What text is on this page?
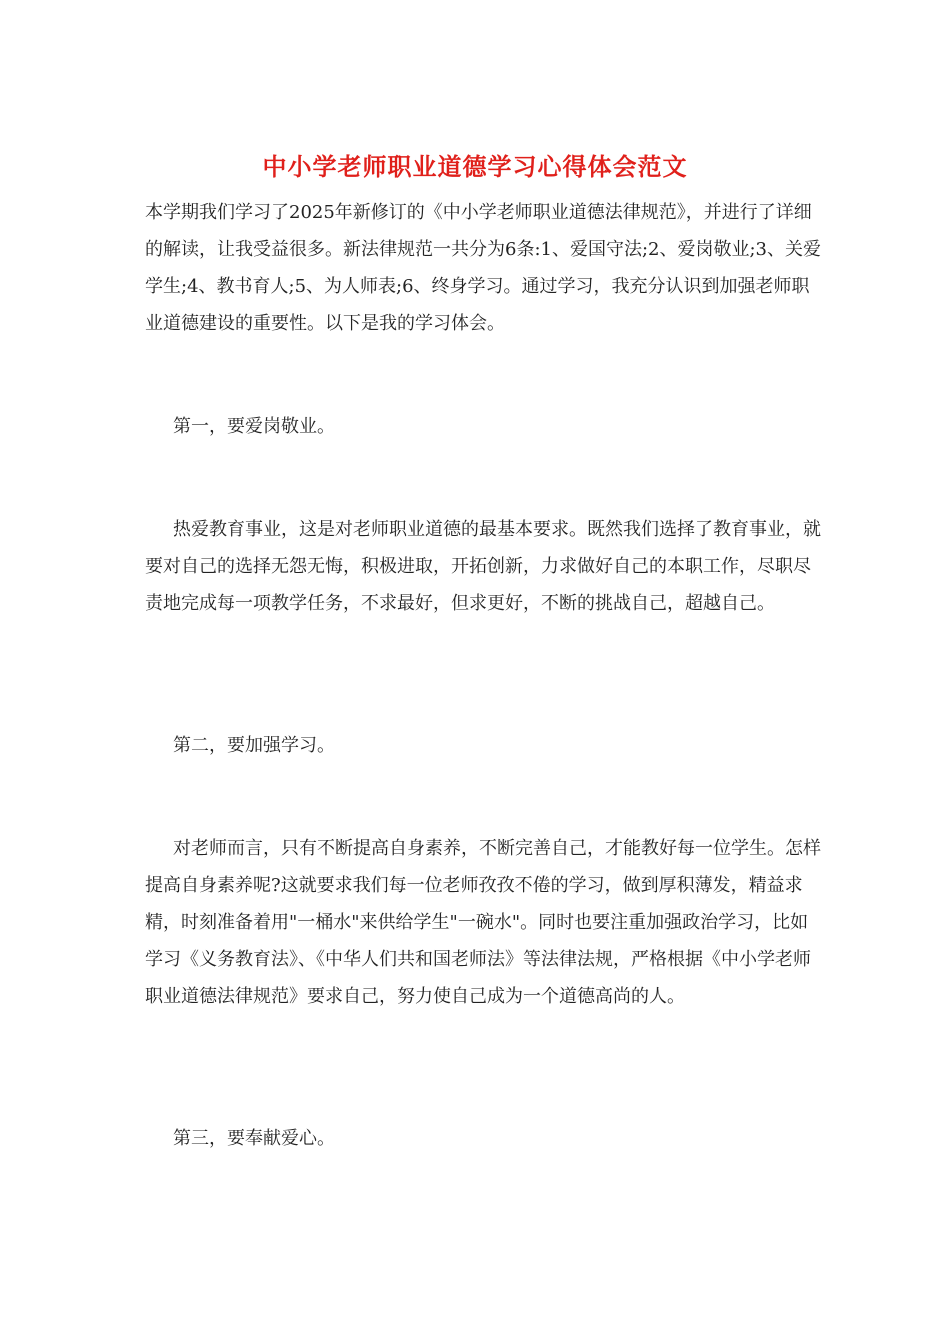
中小学老师职业道德学习心得体会范文

本学期我们学习了2025年新修订的《中小学老师职业道德法律规范》，并进行了详细的解读，让我受益很多。新法律规范一共分为6条:1、爱国守法;2、爱岗敬业;3、关爱学生;4、教书育人;5、为人师表;6、终身学习。通过学习，我充分认识到加强老师职业道德建设的重要性。以下是我的学习体会。

第一，要爱岗敬业。

热爱教育事业，这是对老师职业道德的最基本要求。既然我们选择了教育事业，就要对自己的选择无怨无悔，积极进取，开拓创新，力求做好自己的本职工作，尽职尽责地完成每一项教学任务，不求最好，但求更好，不断的挑战自己，超越自己。

第二，要加强学习。

对老师而言，只有不断提高自身素养，不断完善自己，才能教好每一位学生。怎样提高自身素养呢?这就要求我们每一位老师孜孜不倦的学习，做到厚积薄发，精益求精，时刻准备着用"一桶水"来供给学生"一碗水"。同时也要注重加强政治学习，比如学习《义务教育法》、《中华人们共和国老师法》等法律法规，严格根据《中小学老师职业道德法律规范》要求自己，努力使自己成为一个道德高尚的人。

第三，要奉献爱心。
